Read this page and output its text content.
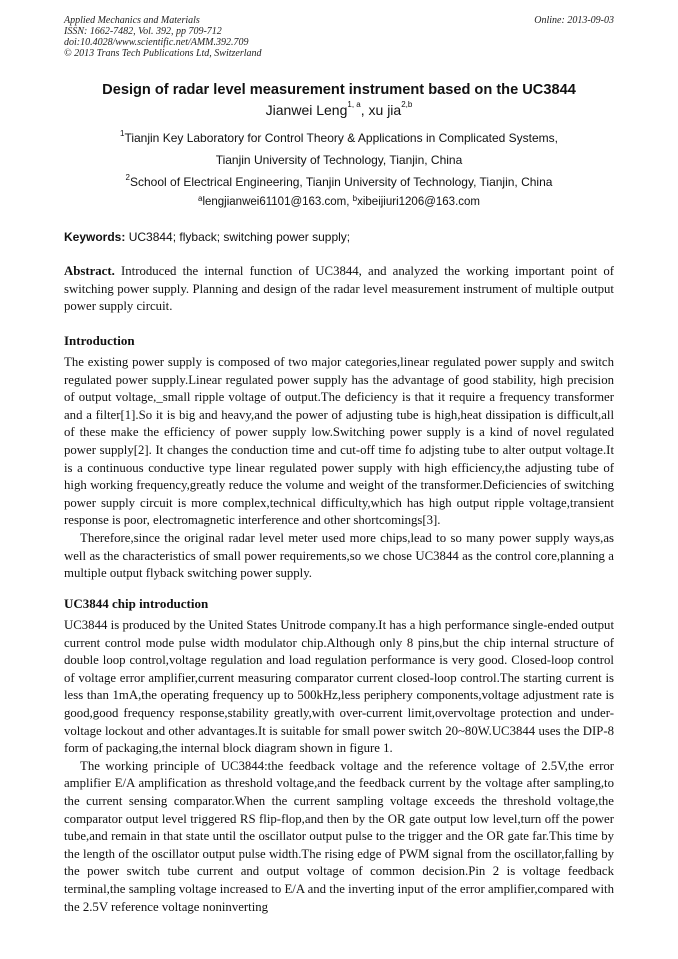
Applied Mechanics and Materials
ISSN: 1662-7482, Vol. 392, pp 709-712
doi:10.4028/www.scientific.net/AMM.392.709
© 2013 Trans Tech Publications Ltd, Switzerland
Online: 2013-09-03
Design of radar level measurement instrument based on the UC3844
Jianwei Leng$^{1, a}$, xu jia$^{2,b}$
$^1$Tianjin Key Laboratory for Control Theory & Applications in Complicated Systems,
Tianjin University of Technology, Tianjin, China
$^2$School of Electrical Engineering, Tianjin University of Technology, Tianjin, China
$^a$lengjianwei61101@163.com, $^b$xibeijiuri1206@163.com
Keywords: UC3844; flyback; switching power supply;

Abstract. Introduced the internal function of UC3844, and analyzed the working important point of switching power supply. Planning and design of the radar level measurement instrument of multiple output power supply circuit.

Introduction

The existing power supply is composed of two major categories,linear regulated power supply and switch regulated power supply.Linear regulated power supply has the advantage of good stability, high precision of output voltage,_small ripple voltage of output.The deficiency is that it require a frequency transformer and a filter[1].So it is big and heavy,and the power of adjusting tube is high,heat dissipation is difficult,all of these make the efficiency of power supply low.Switching power supply is a kind of novel regulated power supply[2]. It changes the conduction time and cut-off time fo adjsting tube to alter output voltage.It is a continuous conductive type linear regulated power supply with high efficiency,the adjusting tube of high working frequency,greatly reduce the volume and weight of the transformer.Deficiencies of switching power supply circuit is more complex,technical difficulty,which has high output ripple voltage,transient response is poor, electromagnetic interference and other shortcomings[3].

Therefore,since the original radar level meter used more chips,lead to so many power supply ways,as well as the characteristics of small power requirements,so we chose UC3844 as the control core,planning a multiple output flyback switching power supply.

UC3844 chip introduction

UC3844 is produced by the United States Unitrode company.It has a high performance single-ended output current control mode pulse width modulator chip.Although only 8 pins,but the chip internal structure of double loop control,voltage regulation and load regulation performance is very good. Closed-loop control of voltage error amplifier,current measuring comparator current closed-loop control.The starting current is less than 1mA,the operating frequency up to 500kHz,less periphery components,voltage adjustment rate is good,good frequency response,stability greatly,with over-current limit,overvoltage protection and under-voltage lockout and other advantages.It is suitable for small power switch 20~80W.UC3844 uses the DIP-8 form of packaging,the internal block diagram shown in figure 1.

The working principle of UC3844:the feedback voltage and the reference voltage of 2.5V,the error amplifier E/A amplification as threshold voltage,and the feedback current by the voltage after sampling,to the current sensing comparator.When the current sampling voltage exceeds the threshold voltage,the comparator output level triggered RS flip-flop,and then by the OR gate output low level,turn off the power tube,and remain in that state until the oscillator output pulse to the trigger and the OR gate far.This time by the length of the oscillator output pulse width.The rising edge of PWM signal from the oscillator,falling by the power switch tube current and output voltage of common decision.Pin 2 is voltage feedback terminal,the sampling voltage increased to E/A and the inverting input of the error amplifier,compared with the 2.5V reference voltage noninverting
